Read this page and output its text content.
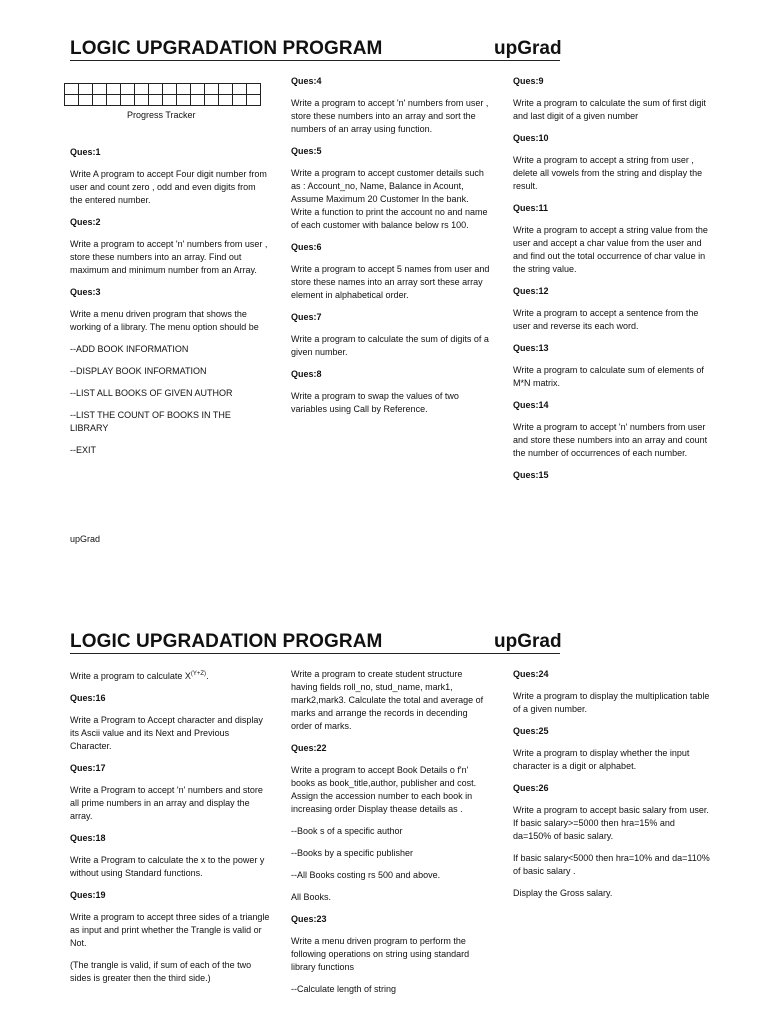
LOGIC UPGRADATION PROGRAM	upGrad

Progress Tracker
Ques:1
Write A program to accept Four digit number from user and count zero , odd and even digits from the entered number.
Ques:2
Write a program to accept 'n' numbers from user , store these numbers into an array. Find out maximum and minimum number from an Array.
Ques:3
Write a menu driven program that shows the working of a library. The menu option should be
--ADD BOOK INFORMATION
--DISPLAY BOOK INFORMATION
--LIST ALL BOOKS OF GIVEN AUTHOR
--LIST THE COUNT OF BOOKS IN THE LIBRARY
--EXIT
Ques:4
Write a program to accept 'n' numbers from user , store these numbers into an array and sort the numbers of an array using function.
Ques:5
Write a program to accept customer details such as : Account_no, Name, Balance in Acount, Assume Maximum 20 Customer In the bank. Write a function to print the account no and name of each customer with balance below rs 100.
Ques:6
Write a program to accept 5 names from user and store these names into an array sort these array element in alphabetical order.
Ques:7
Write a program to calculate the sum of digits of a given number.
Ques:8
Write a program to swap the values of two variables using Call by Reference.
Ques:9
Write a program to calculate the sum of first digit and last digit of a given number
Ques:10
Write a program to accept a string from user , delete all vowels from the string and display the result.
Ques:11
Write a program to accept a string value from the user and accept a char value from the user and and find out the total occurrence of char value in the string value.
Ques:12
Write a program to accept a sentence from the user and reverse its each word.
Ques:13
Write a program to calculate sum of elements of M*N matrix.
Ques:14
Write a program to accept 'n' numbers from user and store these numbers into an array and count the number of occurrences of each number.
Ques:15
upGrad
LOGIC UPGRADATION PROGRAM	upGrad
Write a program to calculate $X^{(Y+Z)}$.
Ques:16
Write a Program to Accept character and display its Ascii value and its Next and Previous Character.
Ques:17
Write a Program to accept 'n' numbers and store all prime numbers in an array and display the array.
Ques:18
Write a Program to calculate the x to the power y without using Standard functions.
Ques:19
Write a program to accept three sides of a triangle as input and print whether the Trangle is valid or Not.
(The trangle is valid, if sum of each of the two sides is greater then the third side.)
Write a program to create student structure having fields roll_no, stud_name, mark1, mark2,mark3. Calculate the total and average of marks and arrange the records in decending order of marks.
Ques:22
Write a program to accept Book Details o f'n' books as book_title,author, publisher and cost. Assign the accession number to each book in increasing order Display thease details as .
--Book s of a specific author
--Books by a specific publisher
--All Books costing rs 500 and above.
All Books.
Ques:23
Write a menu driven program to perform the following operations on string using standard library functions
--Calculate length of string
Ques:24
Write a program to display the multiplication table of a given number.
Ques:25
Write a program to display whether the input character is a digit or alphabet.
Ques:26
Write a program to accept basic salary from user. If basic salary>=5000 then hra=15% and da=150% of basic salary.
If basic salary<5000 then hra=10% and da=110% of basic salary .
Display the Gross salary.
